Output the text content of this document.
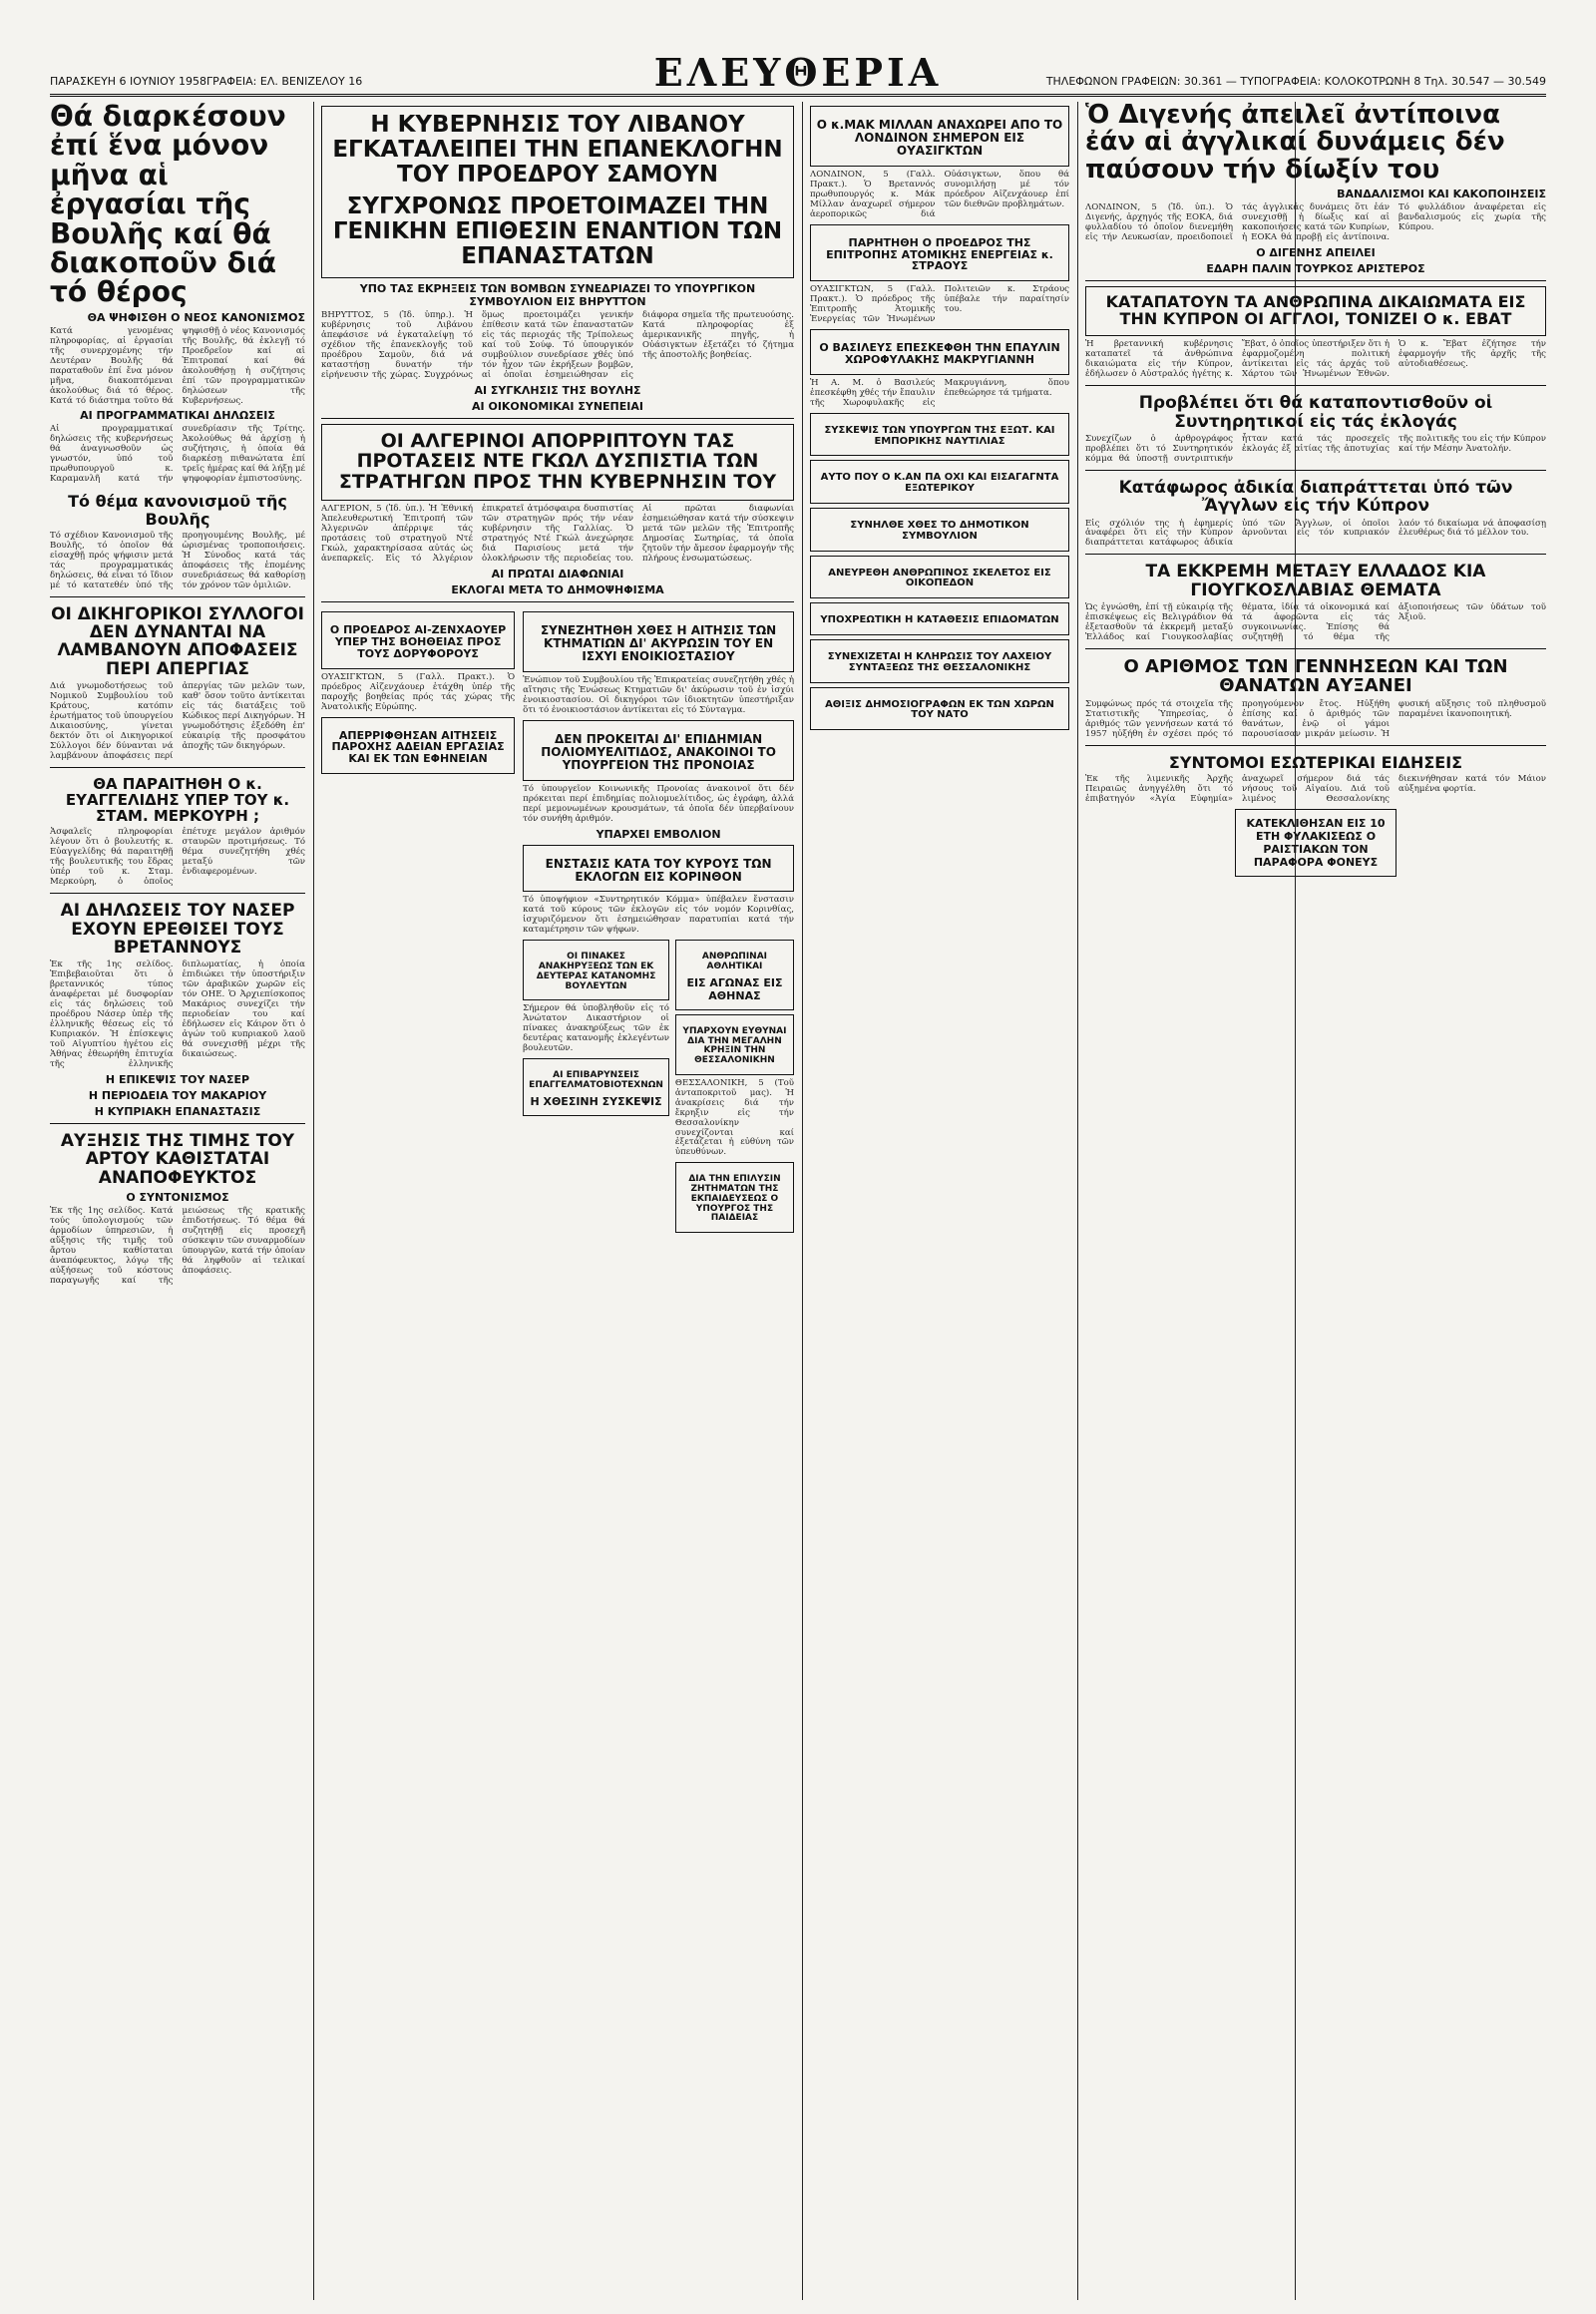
ΠΑΡΑΣΚΕΥΗ 6 ΙΟΥΝΙΟΥ 1958ΓΡΑΦΕΙΑ: ΕΛ. ΒΕΝΙΖΕΛΟΥ 16	ΕΛΕΥΘΕΡΙΑ	ΤΗΛΕΦΩΝΟΝ ΓΡΑΦΕΙΩΝ: 30.361 — ΤΥΠΟΓΡΑΦΕΙΑ: ΚΟΛΟΚΟΤΡΩΝΗ 8 Τηλ. 30.547 — 30.549
Θά διαρκέσουν ἐπί ἕνα μόνον μῆνα αἱ ἐργασίαι τῆς Βουλῆς καί θά διακοποῦν διά τό θέρος
ΘΑ ΨΗΦΙΣΘΗ Ο ΝΕΟΣ ΚΑΝΟΝΙΣΜΟΣ

Κατά γενομένας πληροφορίας, αἱ ἐργασίαι τῆς συνερχομένης τήν Δευτέραν Βουλῆς θά παραταθοῦν ἐπί ἕνα μόνον μῆνα, διακοπτόμεναι ἀκολούθως διά τό θέρος. Κατά τό διάστημα τοῦτο θά ψηφισθῇ ὁ νέος Κανονισμός τῆς Βουλῆς, θά ἐκλεγῇ τό Προεδρεῖον καί αἱ Ἐπιτροπαί καί θά ἀκολουθήσῃ ἡ συζήτησις ἐπί τῶν προγραμματικῶν δηλώσεων τῆς Κυβερνήσεως.

ΑΙ ΠΡΟΓΡΑΜΜΑΤΙΚΑΙ ΔΗΛΩΣΕΙΣ

Αἱ προγραμματικαί δηλώσεις τῆς κυβερνήσεως θά ἀναγνωσθοῦν ὡς γνωστόν, ὑπό τοῦ πρωθυπουργοῦ κ. Καραμανλῆ κατά τήν συνεδρίασιν τῆς Τρίτης. Ἀκολούθως θά ἀρχίσῃ ἡ συζήτησις, ἡ ὁποία θά διαρκέσῃ πιθανώτατα ἐπί τρεῖς ἡμέρας καί θά λήξῃ μέ ψηφοφορίαν ἐμπιστοσύνης.

Τό θέμα κανονισμοῦ τῆς Βουλῆς

Τό σχέδιον Κανονισμοῦ τῆς Βουλῆς, τό ὁποῖον θά εἰσαχθῇ πρός ψήφισιν μετά τάς προγραμματικάς δηλώσεις, θά εἶναι τό ἴδιον μέ τό κατατεθέν ὑπό τῆς προηγουμένης Βουλῆς, μέ ὡρισμένας τροποποιήσεις. Ἡ Σύνοδος κατά τάς ἀποφάσεις τῆς ἑπομένης συνεδριάσεως θά καθορίσῃ τόν χρόνον τῶν ὁμιλιῶν.

ΟΙ ΔΙΚΗΓΟΡΙΚΟΙ ΣΥΛΛΟΓΟΙ ΔΕΝ ΔΥΝΑΝΤΑΙ ΝΑ ΛΑΜΒΑΝΟΥΝ ΑΠΟΦΑΣΕΙΣ ΠΕΡΙ ΑΠΕΡΓΙΑΣ

Διά γνωμοδοτήσεως τοῦ Νομικοῦ Συμβουλίου τοῦ Κράτους, κατόπιν ἐρωτήματος τοῦ ὑπουργείου Δικαιοσύνης, γίνεται δεκτόν ὅτι οἱ Δικηγορικοί Σύλλογοι δέν δύνανται νά λαμβάνουν ἀποφάσεις περί ἀπεργίας τῶν μελῶν των, καθ' ὅσον τοῦτο ἀντίκειται εἰς τάς διατάξεις τοῦ Κώδικος περί Δικηγόρων. Ἡ γνωμοδότησις ἐξεδόθη ἐπ' εὐκαιρίᾳ τῆς προσφάτου ἀποχῆς τῶν δικηγόρων.

ΘΑ ΠΑΡΑΙΤΗΘΗ Ο κ. ΕΥΑΓΓΕΛΙΔΗΣ ΥΠΕΡ ΤΟΥ κ. ΣΤΑΜ. ΜΕΡΚΟΥΡΗ ;

Ἀσφαλεῖς πληροφορίαι λέγουν ὅτι ὁ βουλευτής κ. Εὐαγγελίδης θά παραιτηθῇ τῆς βουλευτικῆς του ἕδρας ὑπέρ τοῦ κ. Σταμ. Μερκούρη, ὁ ὁποῖος ἐπέτυχε μεγάλον ἀριθμόν σταυρῶν προτιμήσεως. Τό θέμα συνεζητήθη χθές μεταξύ τῶν ἐνδιαφερομένων.

ΑΙ ΔΗΛΩΣΕΙΣ ΤΟΥ ΝΑΣΕΡ ΕΧΟΥΝ ΕΡΕΘΙΣΕΙ ΤΟΥΣ ΒΡΕΤΑΝΝΟΥΣ

Ἐκ τῆς 1ης σελίδος. Ἐπιβεβαιοῦται ὅτι ὁ βρεταννικός τύπος ἀναφέρεται μέ δυσφορίαν εἰς τάς δηλώσεις τοῦ προέδρου Νάσερ ὑπέρ τῆς ἐλληνικῆς θέσεως εἰς τό Κυπριακόν. Ἡ ἐπίσκεψις τοῦ Αἰγυπτίου ἡγέτου εἰς Ἀθήνας ἐθεωρήθη ἐπιτυχία τῆς ἑλληνικῆς διπλωματίας, ἡ ὁποία ἐπιδιώκει τήν ὑποστήριξιν τῶν ἀραβικῶν χωρῶν εἰς τόν ΟΗΕ. Ὁ Ἀρχιεπίσκοπος Μακάριος συνεχίζει τήν περιοδείαν του καί ἐδήλωσεν εἰς Κάιρον ὅτι ὁ ἀγών τοῦ κυπριακοῦ λαοῦ θά συνεχισθῇ μέχρι τῆς δικαιώσεως.

Η ΕΠΙΚΕΨΙΣ ΤΟΥ ΝΑΣΕΡ
Η ΠΕΡΙΟΔΕΙΑ ΤΟΥ ΜΑΚΑΡΙΟΥ
Η ΚΥΠΡΙΑΚΗ ΕΠΑΝΑΣΤΑΣΙΣ
ΑΥΞΗΣΙΣ ΤΗΣ ΤΙΜΗΣ ΤΟΥ ΑΡΤΟΥ ΚΑΘΙΣΤΑΤΑΙ ΑΝΑΠΟΦΕΥΚΤΟΣ
Ο ΣΥΝΤΟΝΙΣΜΟΣ

Ἐκ τῆς 1ης σελίδος. Κατά τούς ὑπολογισμούς τῶν ἁρμοδίων ὑπηρεσιῶν, ἡ αὔξησις τῆς τιμῆς τοῦ ἄρτου καθίσταται ἀναπόφευκτος, λόγῳ τῆς αὐξήσεως τοῦ κόστους παραγωγῆς καί τῆς μειώσεως τῆς κρατικῆς ἐπιδοτήσεως. Τό θέμα θά συζητηθῇ εἰς προσεχῆ σύσκεψιν τῶν συναρμοδίων ὑπουργῶν, κατά τήν ὁποίαν θά ληφθοῦν αἱ τελικαί ἀποφάσεις.

Η ΚΥΒΕΡΝΗΣΙΣ ΤΟΥ ΛΙΒΑΝΟΥ ΕΓΚΑΤΑΛΕΙΠΕΙ ΤΗΝ ΕΠΑΝΕΚΛΟΓΗΝ ΤΟΥ ΠΡΟΕΔΡΟΥ ΣΑΜΟΥΝ
ΣΥΓΧΡΟΝΩΣ ΠΡΟΕΤΟΙΜΑΖΕΙ ΤΗΝ ΓΕΝΙΚΗΝ ΕΠΙΘΕΣΙΝ ΕΝΑΝΤΙΟΝ ΤΩΝ ΕΠΑΝΑΣΤΑΤΩΝ
ΥΠΟ ΤΑΣ ΕΚΡΗΞΕΙΣ ΤΩΝ ΒΟΜΒΩΝ ΣΥΝΕΔΡΙΑΖΕΙ ΤΟ ΥΠΟΥΡΓΙΚΟΝ ΣΥΜΒΟΥΛΙΟΝ ΕΙΣ ΒΗΡΥΤΤΟΝ

ΒΗΡΥΤΤΟΣ, 5 (Ἰδ. ὑπηρ.). Ἡ κυβέρνησις τοῦ Λιβάνου ἀπεφάσισε νά ἐγκαταλείψῃ τό σχέδιον τῆς ἐπανεκλογῆς τοῦ προέδρου Σαμοῦν, διά νά καταστήσῃ δυνατήν τήν εἰρήνευσιν τῆς χώρας. Συγχρόνως ὅμως προετοιμάζει γενικήν ἐπίθεσιν κατά τῶν ἐπαναστατῶν εἰς τάς περιοχάς τῆς Τρίπολεως καί τοῦ Σούφ. Τό ὑπουργικόν συμβούλιον συνεδρίασε χθές ὑπό τόν ἦχον τῶν ἐκρήξεων βομβῶν, αἱ ὁποῖαι ἐσημειώθησαν εἰς διάφορα σημεῖα τῆς πρωτευούσης. Κατά πληροφορίας ἐξ ἀμερικανικῆς πηγῆς, ἡ Οὐάσιγκτων ἐξετάζει τό ζήτημα τῆς ἀποστολῆς βοηθείας.

ΑΙ ΣΥΓΚΛΗΣΙΣ ΤΗΣ ΒΟΥΛΗΣ
ΑΙ ΟΙΚΟΝΟΜΙΚΑΙ ΣΥΝΕΠΕΙΑΙ
ΟΙ ΑΛΓΕΡΙΝΟΙ ΑΠΟΡΡΙΠΤΟΥΝ ΤΑΣ ΠΡΟΤΑΣΕΙΣ ΝΤΕ ΓΚΩΛ ΔΥΣΠΙΣΤΙΑ ΤΩΝ ΣΤΡΑΤΗΓΩΝ ΠΡΟΣ ΤΗΝ ΚΥΒΕΡΝΗΣΙΝ ΤΟΥ

ΑΛΓΕΡΙΟΝ, 5 (Ἰδ. ὑπ.). Ἡ Ἐθνική Ἀπελευθερωτική Ἐπιτροπή τῶν Ἀλγερινῶν ἀπέρριψε τάς προτάσεις τοῦ στρατηγοῦ Ντέ Γκώλ, χαρακτηρίσασα αὐτάς ὡς ἀνεπαρκεῖς. Εἰς τό Ἀλγέριον ἐπικρατεῖ ἀτμόσφαιρα δυσπιστίας τῶν στρατηγῶν πρός τήν νέαν κυβέρνησιν τῆς Γαλλίας. Ὁ στρατηγός Ντέ Γκώλ ἀνεχώρησε διά Παρισίους μετά τήν ὁλοκλήρωσιν τῆς περιοδείας του. Αἱ πρῶται διαφωνίαι ἐσημειώθησαν κατά τήν σύσκεψιν μετά τῶν μελῶν τῆς Ἐπιτροπῆς Δημοσίας Σωτηρίας, τά ὁποῖα ζητοῦν τήν ἄμεσον ἐφαρμογήν τῆς πλήρους ἐνσωματώσεως.

ΑΙ ΠΡΩΤΑΙ ΔΙΑΦΩΝΙΑΙ
ΕΚΛΟΓΑΙ ΜΕΤΑ ΤΟ ΔΗΜΟΨΗΦΙΣΜΑ
Ο ΠΡΟΕΔΡΟΣ ΑΙ-ΖΕΝΧΑΟΥΕΡ ΥΠΕΡ ΤΗΣ ΒΟΗΘΕΙΑΣ ΠΡΟΣ ΤΟΥΣ ΔΟΡΥΦΟΡΟΥΣ

ΟΥΑΣΙΓΚΤΩΝ, 5 (Γαλλ. Πρακτ.). Ὁ πρόεδρος Αἰζενχάουερ ἐτάχθη ὑπέρ τῆς παροχῆς βοηθείας πρός τάς χώρας τῆς Ἀνατολικῆς Εὐρώπης.

ΑΠΕΡΡΙΦΘΗΣΑΝ ΑΙΤΗΣΕΙΣ ΠΑΡΟΧΗΣ ΑΔΕΙΑΝ ΕΡΓΑΣΙΑΣ ΚΑΙ ΕΚ ΤΩΝ ΕΦΗΝΕΙΑΝ
ΣΥΝΕΖΗΤΗΘΗ ΧΘΕΣ Η ΑΙΤΗΣΙΣ ΤΩΝ ΚΤΗΜΑΤΙΩΝ ΔΙ' ΑΚΥΡΩΣΙΝ ΤΟΥ ΕΝ ΙΣΧΥΙ ΕΝΟΙΚΙΟΣΤΑΣΙΟΥ

Ἐνώπιον τοῦ Συμβουλίου τῆς Ἐπικρατείας συνεζητήθη χθές ἡ αἴτησις τῆς Ἑνώσεως Κτηματιῶν δι' ἀκύρωσιν τοῦ ἐν ἰσχύι ἐνοικιοστασίου. Οἱ δικηγόροι τῶν ἰδιοκτητῶν ὑπεστήριξαν ὅτι τό ἐνοικιοστάσιον ἀντίκειται εἰς τό Σύνταγμα.

ΔΕΝ ΠΡΟΚΕΙΤΑΙ ΔΙ' ΕΠΙΔΗΜΙΑΝ ΠΟΛΙΟΜΥΕΛΙΤΙΔΟΣ, ΑΝΑΚΟΙΝΟΙ ΤΟ ΥΠΟΥΡΓΕΙΟΝ ΤΗΣ ΠΡΟΝΟΙΑΣ

Τό ὑπουργεῖον Κοινωνικῆς Προνοίας ἀνακοινοῖ ὅτι δέν πρόκειται περί ἐπιδημίας πολιομυελίτιδος, ὡς ἐγράφη, ἀλλά περί μεμονωμένων κρουσμάτων, τά ὁποῖα δέν ὑπερβαίνουν τόν συνήθη ἀριθμόν.

ΥΠΑΡΧΕΙ ΕΜΒΟΛΙΟΝ
ΕΝΣΤΑΣΙΣ ΚΑΤΑ ΤΟΥ ΚΥΡΟΥΣ ΤΩΝ ΕΚΛΟΓΩΝ ΕΙΣ ΚΟΡΙΝΘΟΝ

Τό ὑποψήφιον «Συντηρητικόν Κόμμα» ὑπέβαλεν ἔνστασιν κατά τοῦ κύρους τῶν ἐκλογῶν εἰς τόν νομόν Κορινθίας, ἰσχυριζόμενον ὅτι ἐσημειώθησαν παρατυπίαι κατά τήν καταμέτρησιν τῶν ψήφων.

ΟΙ ΠΙΝΑΚΕΣ ΑΝΑΚΗΡΥΞΕΩΣ ΤΩΝ ΕΚ ΔΕΥΤΕΡΑΣ ΚΑΤΑΝΟΜΗΣ ΒΟΥΛΕΥΤΩΝ

Σήμερον θά ὑποβληθοῦν εἰς τό Ἀνώτατον Δικαστήριον οἱ πίνακες ἀνακηρύξεως τῶν ἐκ δευτέρας κατανομῆς ἐκλεγέντων βουλευτῶν.

ΑΙ ΕΠΙΒΑΡΥΝΣΕΙΣ ΕΠΑΓΓΕΛΜΑΤΟΒΙΟΤΕΧΝΩΝ
Η ΧΘΕΣΙΝΗ ΣΥΣΚΕΨΙΣ
ΑΝΘΡΩΠΙΝΑΙ ΑΘΛΗΤΙΚΑΙ
ΕΙΣ ΑΓΩΝΑΣ ΕΙΣ ΑΘΗΝΑΣ
ΥΠΑΡΧΟΥΝ ΕΥΘΥΝΑΙ ΔΙΑ ΤΗΝ ΜΕΓΑΛΗΝ ΚΡΗΞΙΝ ΤΗΝ ΘΕΣΣΑΛΟΝΙΚΗΝ

ΘΕΣΣΑΛΟΝΙΚΗ, 5 (Τοῦ ἀνταποκριτοῦ μας). Ἡ ἀνακρίσεις διά τήν ἔκρηξιν εἰς τήν Θεσσαλονίκην συνεχίζονται καί ἐξετάζεται ἡ εὐθύνη τῶν ὑπευθύνων.

ΔΙΑ ΤΗΝ ΕΠΙΛΥΣΙΝ ΖΗΤΗΜΑΤΩΝ ΤΗΣ ΕΚΠΑΙΔΕΥΣΕΩΣ Ο ΥΠΟΥΡΓΟΣ ΤΗΣ ΠΑΙΔΕΙΑΣ
Ο κ.ΜΑΚ ΜΙΛΛΑΝ ΑΝΑΧΩΡΕΙ ΑΠΟ ΤΟ ΛΟΝΔΙΝΟΝ ΣΗΜΕΡΟΝ ΕΙΣ ΟΥΑΣΙΓΚΤΩΝ

ΛΟΝΔΙΝΟΝ, 5 (Γαλλ. Πρακτ.). Ὁ Βρεταννός πρωθυπουργός κ. Μάκ Μίλλαν ἀναχωρεῖ σήμερον ἀεροπορικῶς διά Οὐάσιγκτων, ὅπου θά συνομιλήσῃ μέ τόν πρόεδρον Αἰζενχάουερ ἐπί τῶν διεθνῶν προβλημάτων.

ΠΑΡΗΤΗΘΗ Ο ΠΡΟΕΔΡΟΣ ΤΗΣ ΕΠΙΤΡΟΠΗΣ ΑΤΟΜΙΚΗΣ ΕΝΕΡΓΕΙΑΣ κ. ΣΤΡΑΟΥΣ

ΟΥΑΣΙΓΚΤΩΝ, 5 (Γαλλ. Πρακτ.). Ὁ πρόεδρος τῆς Ἐπιτροπῆς Ἀτομικῆς Ἐνεργείας τῶν Ἡνωμένων Πολιτειῶν κ. Στράους ὑπέβαλε τήν παραίτησίν του.

Ο ΒΑΣΙΛΕΥΣ ΕΠΕΣΚΕΦΘΗ ΤΗΝ ΕΠΑΥΛΙΝ ΧΩΡΟΦΥΛΑΚΗΣ ΜΑΚΡΥΓΙΑΝΝΗ

Ἡ Α. Μ. ὁ Βασιλεύς ἐπεσκέφθη χθές τήν ἔπαυλιν τῆς Χωροφυλακῆς εἰς Μακρυγιάννη, ὅπου ἐπεθεώρησε τά τμήματα.

ΣΥΣΚΕΨΙΣ ΤΩΝ ΥΠΟΥΡΓΩΝ ΤΗΣ ΕΞΩΤ. ΚΑΙ ΕΜΠΟΡΙΚΗΣ ΝΑΥΤΙΛΙΑΣ
ΑΥΤΟ ΠΟΥ Ο Κ.ΑΝ ΠΑ ΟΧΙ ΚΑΙ ΕΙΣΑΓΑΓΝΤΑ ΕΞΩΤΕΡΙΚΟΥ
ΣΥΝΗΛΘΕ ΧΘΕΣ ΤΟ ΔΗΜΟΤΙΚΟΝ ΣΥΜΒΟΥΛΙΟΝ
ΑΝΕΥΡΕΘΗ ΑΝΘΡΩΠΙΝΟΣ ΣΚΕΛΕΤΟΣ ΕΙΣ ΟΙΚΟΠΕΔΟΝ
ΥΠΟΧΡΕΩΤΙΚΗ Η ΚΑΤΑΘΕΣΙΣ ΕΠΙΔΟΜΑΤΩΝ
ΣΥΝΕΧΙΖΕΤΑΙ Η ΚΛΗΡΩΣΙΣ ΤΟΥ ΛΑΧΕΙΟΥ ΣΥΝΤΑΞΕΩΣ ΤΗΣ ΘΕΣΣΑΛΟΝΙΚΗΣ
ΑΘΙΞΙΣ ΔΗΜΟΣΙΟΓΡΑΦΩΝ ΕΚ ΤΩΝ ΧΩΡΩΝ ΤΟΥ ΝΑΤΟ
Ὁ Διγενής ἀπειλεῖ ἀντίποινα ἐάν αἱ ἀγγλικαί δυνάμεις δέν παύσουν τήν δίωξίν του
ΒΑΝΔΑΛΙΣΜΟΙ ΚΑΙ ΚΑΚΟΠΟΙΗΣΕΙΣ

ΛΟΝΔΙΝΟΝ, 5 (Ἰδ. ὑπ.). Ὁ Διγενής, ἀρχηγός τῆς ΕΟΚΑ, διά φυλλαδίου τό ὁποῖον διενεμήθη εἰς τήν Λευκωσίαν, προειδοποιεῖ τάς ἀγγλικάς δυνάμεις ὅτι ἐάν συνεχισθῇ ἡ δίωξις καί αἱ κακοποιήσεις κατά τῶν Κυπρίων, ἡ ΕΟΚΑ θά προβῇ εἰς ἀντίποινα. Τό φυλλάδιον ἀναφέρεται εἰς βανδαλισμούς εἰς χωρία τῆς Κύπρου.

Ο ΔΙΓΕΝΗΣ ΑΠΕΙΛΕΙ
ΕΔΑΡΗ ΠΑΛΙΝ ΤΟΥΡΚΟΣ ΑΡΙΣΤΕΡΟΣ
ΚΑΤΑΠΑΤΟΥΝ ΤΑ ΑΝΘΡΩΠΙΝΑ ΔΙΚΑΙΩΜΑΤΑ ΕΙΣ ΤΗΝ ΚΥΠΡΟΝ ΟΙ ΑΓΓΛΟΙ, ΤΟΝΙΖΕΙ Ο κ. ΕΒΑΤ

Ἡ βρεταννική κυβέρνησις καταπατεῖ τά ἀνθρώπινα δικαιώματα εἰς τήν Κύπρον, ἐδήλωσεν ὁ Αὐστραλός ἡγέτης κ. Ἔβατ, ὁ ὁποῖος ὑπεστήριξεν ὅτι ἡ ἐφαρμοζομένη πολιτική ἀντίκειται εἰς τάς ἀρχάς τοῦ Χάρτου τῶν Ἡνωμένων Ἐθνῶν. Ὁ κ. Ἔβατ ἐζήτησε τήν ἐφαρμογήν τῆς ἀρχῆς τῆς αὐτοδιαθέσεως.

Προβλέπει ὅτι θά καταποντισθοῦν οἱ Συντηρητικοί εἰς τάς ἐκλογάς

Συνεχίζων ὁ ἀρθρογράφος προβλέπει ὅτι τό Συντηρητικόν κόμμα θά ὑποστῇ συντριπτικήν ἧτταν κατά τάς προσεχεῖς ἐκλογάς ἐξ αἰτίας τῆς ἀποτυχίας τῆς πολιτικῆς του εἰς τήν Κύπρον καί τήν Μέσην Ἀνατολήν.

Κατάφωρος ἀδικία διαπράττεται ὑπό τῶν Ἄγγλων εἰς τήν Κύπρον

Εἰς σχόλιόν της ἡ ἐφημερίς ἀναφέρει ὅτι εἰς τήν Κύπρον διαπράττεται κατάφωρος ἀδικία ὑπό τῶν Ἄγγλων, οἱ ὁποῖοι ἀρνοῦνται εἰς τόν κυπριακόν λαόν τό δικαίωμα νά ἀποφασίσῃ ἐλευθέρως διά τό μέλλον του.

ΤΑ ΕΚΚΡΕΜΗ ΜΕΤΑΞΥ ΕΛΛΑΔΟΣ ΚΙΑ ΓΙΟΥΓΚΟΣΛΑΒΙΑΣ ΘΕΜΑΤΑ

Ὡς ἐγνώσθη, ἐπί τῇ εὐκαιρίᾳ τῆς ἐπισκέψεως εἰς Βελιγράδιον θά ἐξετασθοῦν τά ἐκκρεμῆ μεταξύ Ἑλλάδος καί Γιουγκοσλαβίας θέματα, ἰδίᾳ τά οἰκονομικά καί τά ἀφορῶντα εἰς τάς συγκοινωνίας. Ἐπίσης θά συζητηθῇ τό θέμα τῆς ἀξιοποιήσεως τῶν ὑδάτων τοῦ Ἀξιοῦ.

Ο ΑΡΙΘΜΟΣ ΤΩΝ ΓΕΝΝΗΣΕΩΝ ΚΑΙ ΤΩΝ ΘΑΝΑΤΩΝ ΑΥΞΑΝΕΙ

Συμφώνως πρός τά στοιχεῖα τῆς Στατιστικῆς Ὑπηρεσίας, ὁ ἀριθμός τῶν γεννήσεων κατά τό 1957 ηὐξήθη ἐν σχέσει πρός τό προηγούμενον ἔτος. Ηὐξήθη ἐπίσης καί ὁ ἀριθμός τῶν θανάτων, ἐνῷ οἱ γάμοι παρουσίασαν μικράν μείωσιν. Ἡ φυσική αὔξησις τοῦ πληθυσμοῦ παραμένει ἱκανοποιητική.

ΣΥΝΤΟΜΟΙ ΕΣΩΤΕΡΙΚΑΙ ΕΙΔΗΣΕΙΣ

Ἐκ τῆς λιμενικῆς Ἀρχῆς Πειραιῶς ἀνηγγέλθη ὅτι τό ἐπιβατηγόν «Ἀγία Εὐφημία» ἀναχωρεῖ σήμερον διά τάς νήσους τοῦ Αἰγαίου. Διά τοῦ λιμένος Θεσσαλονίκης διεκινήθησαν κατά τόν Μάιον αὐξημένα φορτία.

ΚΑΤΕΚΛΙΘΗΣΑΝ ΕΙΣ 10 ΕΤΗ ΦΥΛΑΚΙΣΕΩΣ Ο ΡΑΙΣΤΙΑΚΩΝ ΤΟΝ ΠΑΡΑΦΟΡΑ ΦΟΝΕΥΣ
